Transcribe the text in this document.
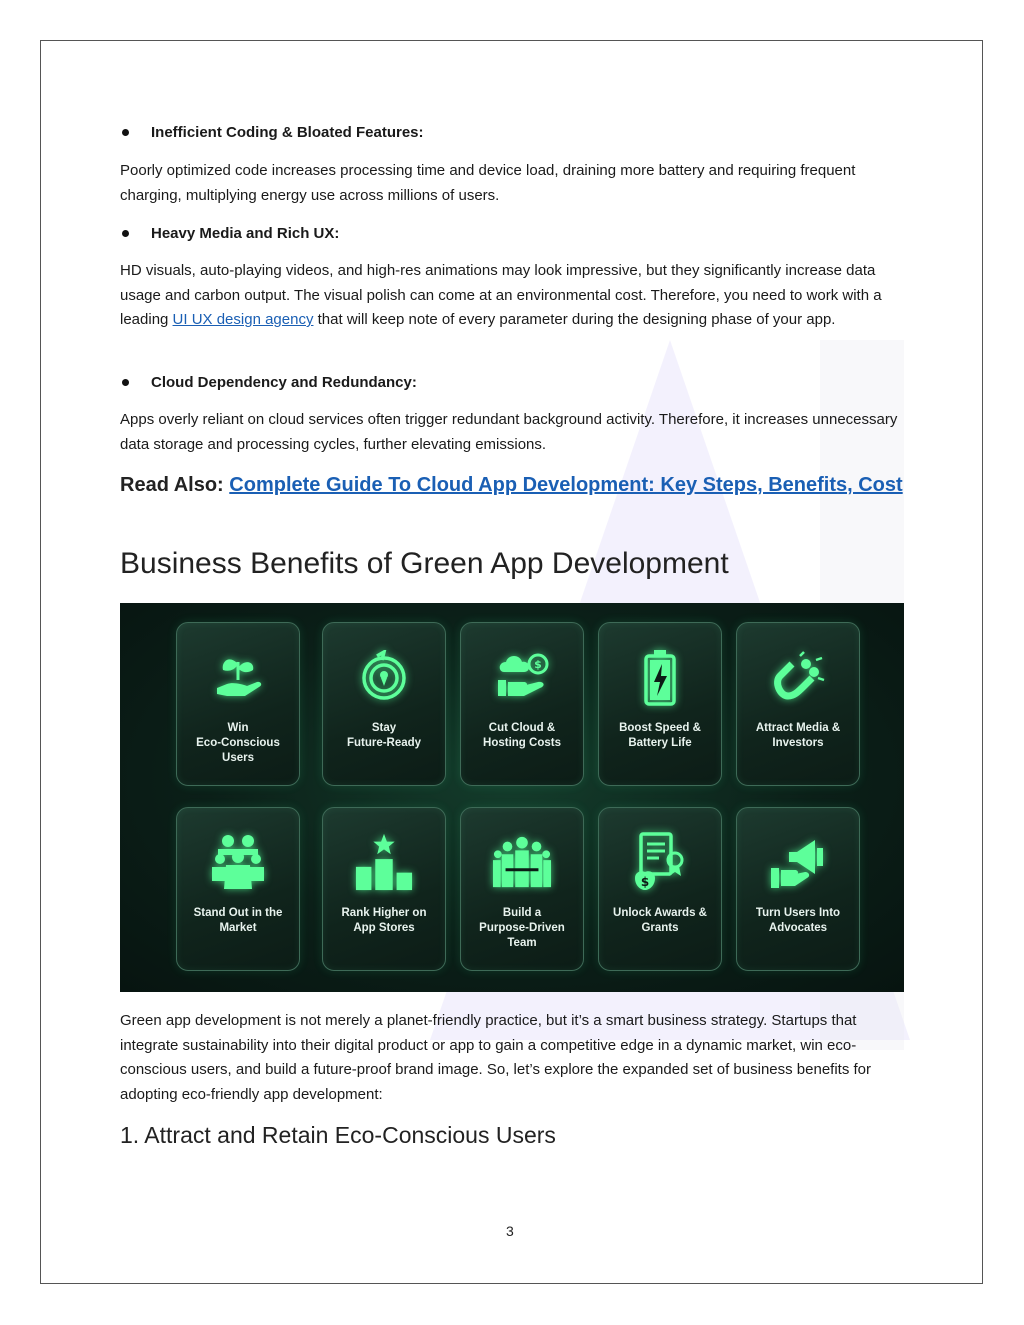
Inefficient Coding & Bloated Features:
Poorly optimized code increases processing time and device load, draining more battery and requiring frequent charging, multiplying energy use across millions of users.
Heavy Media and Rich UX:
HD visuals, auto-playing videos, and high-res animations may look impressive, but they significantly increase data usage and carbon output. The visual polish can come at an environmental cost. Therefore, you need to work with a leading UI UX design agency that will keep note of every parameter during the designing phase of your app.
Cloud Dependency and Redundancy:
Apps overly reliant on cloud services often trigger redundant background activity. Therefore, it increases unnecessary data storage and processing cycles, further elevating emissions.
Read Also: Complete Guide To Cloud App Development: Key Steps, Benefits, Cost
Business Benefits of Green App Development
Win
Eco-Conscious
Users
Stay
Future-Ready
$
Cut Cloud &
Hosting Costs
Boost Speed &
Battery Life
Attract Media &
Investors
Stand Out in the
Market
Rank Higher on
App Stores
Build a
Purpose-Driven
Team
$
Unlock Awards &
Grants
Turn Users Into
Advocates
Green app development is not merely a planet-friendly practice, but it’s a smart business strategy. Startups that integrate sustainability into their digital product or app to gain a competitive edge in a dynamic market, win eco-conscious users, and build a future-proof brand image. So, let’s explore the expanded set of business benefits for adopting eco-friendly app development:
1. Attract and Retain Eco-Conscious Users
3
